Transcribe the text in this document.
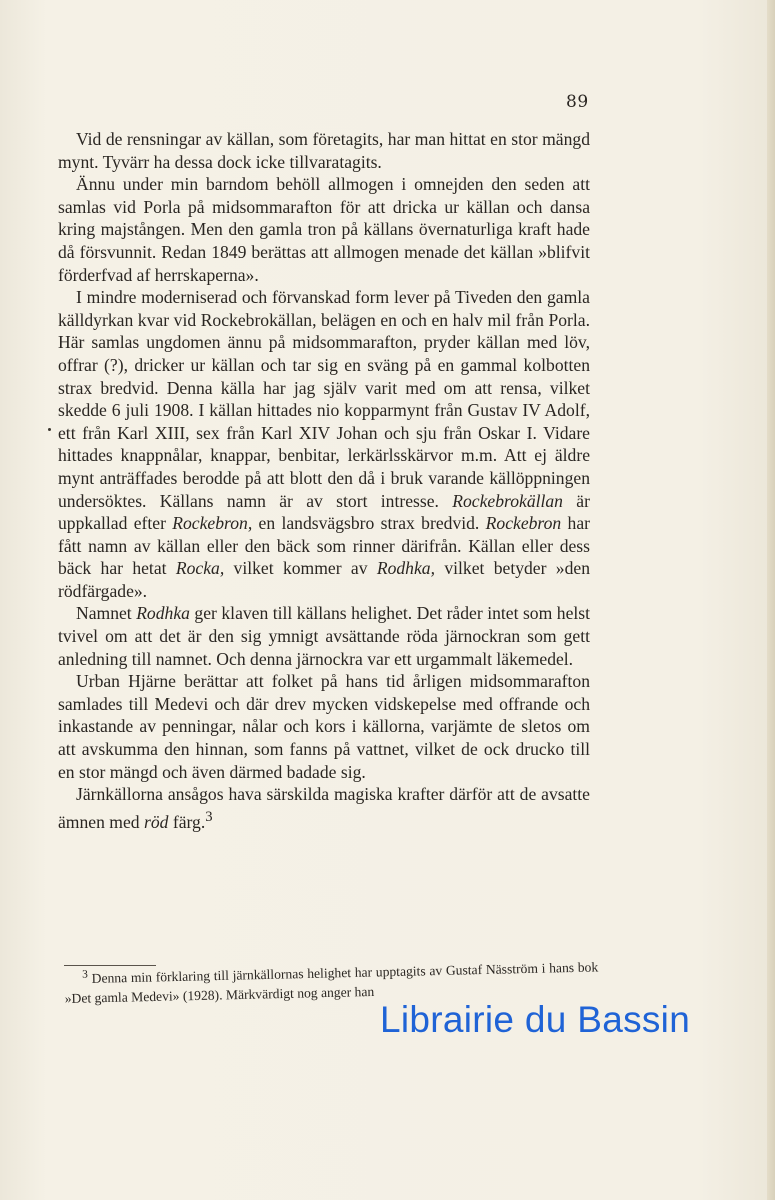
89

Vid de rensningar av källan, som företagits, har man hittat en stor mängd mynt. Tyvärr ha dessa dock icke tillvaratagits.

Ännu under min barndom behöll allmogen i omnejden den seden att samlas vid Porla på midsommarafton för att dricka ur källan och dansa kring majstången. Men den gamla tron på källans övernaturliga kraft hade då försvunnit. Redan 1849 berättas att allmogen menade det källan »blifvit förderfvad af herrskaperna».

I mindre moderniserad och förvanskad form lever på Tiveden den gamla källdyrkan kvar vid Rockebrokällan, belägen en och en halv mil från Porla. Här samlas ungdomen ännu på midsommarafton, pryder källan med löv, offrar (?), dricker ur källan och tar sig en sväng på en gammal kolbotten strax bredvid. Denna källa har jag själv varit med om att rensa, vilket skedde 6 juli 1908. I källan hittades nio kopparmynt från Gustav IV Adolf, ett från Karl XIII, sex från Karl XIV Johan och sju från Oskar I. Vidare hittades knappnålar, knappar, benbitar, lerkärlsskärvor m.m. Att ej äldre mynt anträffades berodde på att blott den då i bruk varande källöppningen undersöktes. Källans namn är av stort intresse. Rockebrokällan är uppkallad efter Rockebron, en landsvägsbro strax bredvid. Rockebron har fått namn av källan eller den bäck som rinner därifrån. Källan eller dess bäck har hetat Rocka, vilket kommer av Rodhka, vilket betyder »den rödfärgade».

Namnet Rodhka ger klaven till källans helighet. Det råder intet som helst tvivel om att det är den sig ymnigt avsättande röda järnockran som gett anledning till namnet. Och denna järnockra var ett urgammalt läkemedel.

Urban Hjärne berättar att folket på hans tid årligen midsommarafton samlades till Medevi och där drev mycken vidskepelse med offrande och inkastande av penningar, nålar och kors i källorna, varjämte de sletos om att avskumma den hinnan, som fanns på vattnet, vilket de ock drucko till en stor mängd och även därmed badade sig.

Järnkällorna ansågos hava särskilda magiska krafter därför att de avsatte ämnen med röd färg.$^3$

$^3$ Denna min förklaring till järnkällornas helighet har upptagits av Gustaf Näsström i hans bok »Det gamla Medevi» (1928). Märkvärdigt nog anger han

Librairie du Bassin
